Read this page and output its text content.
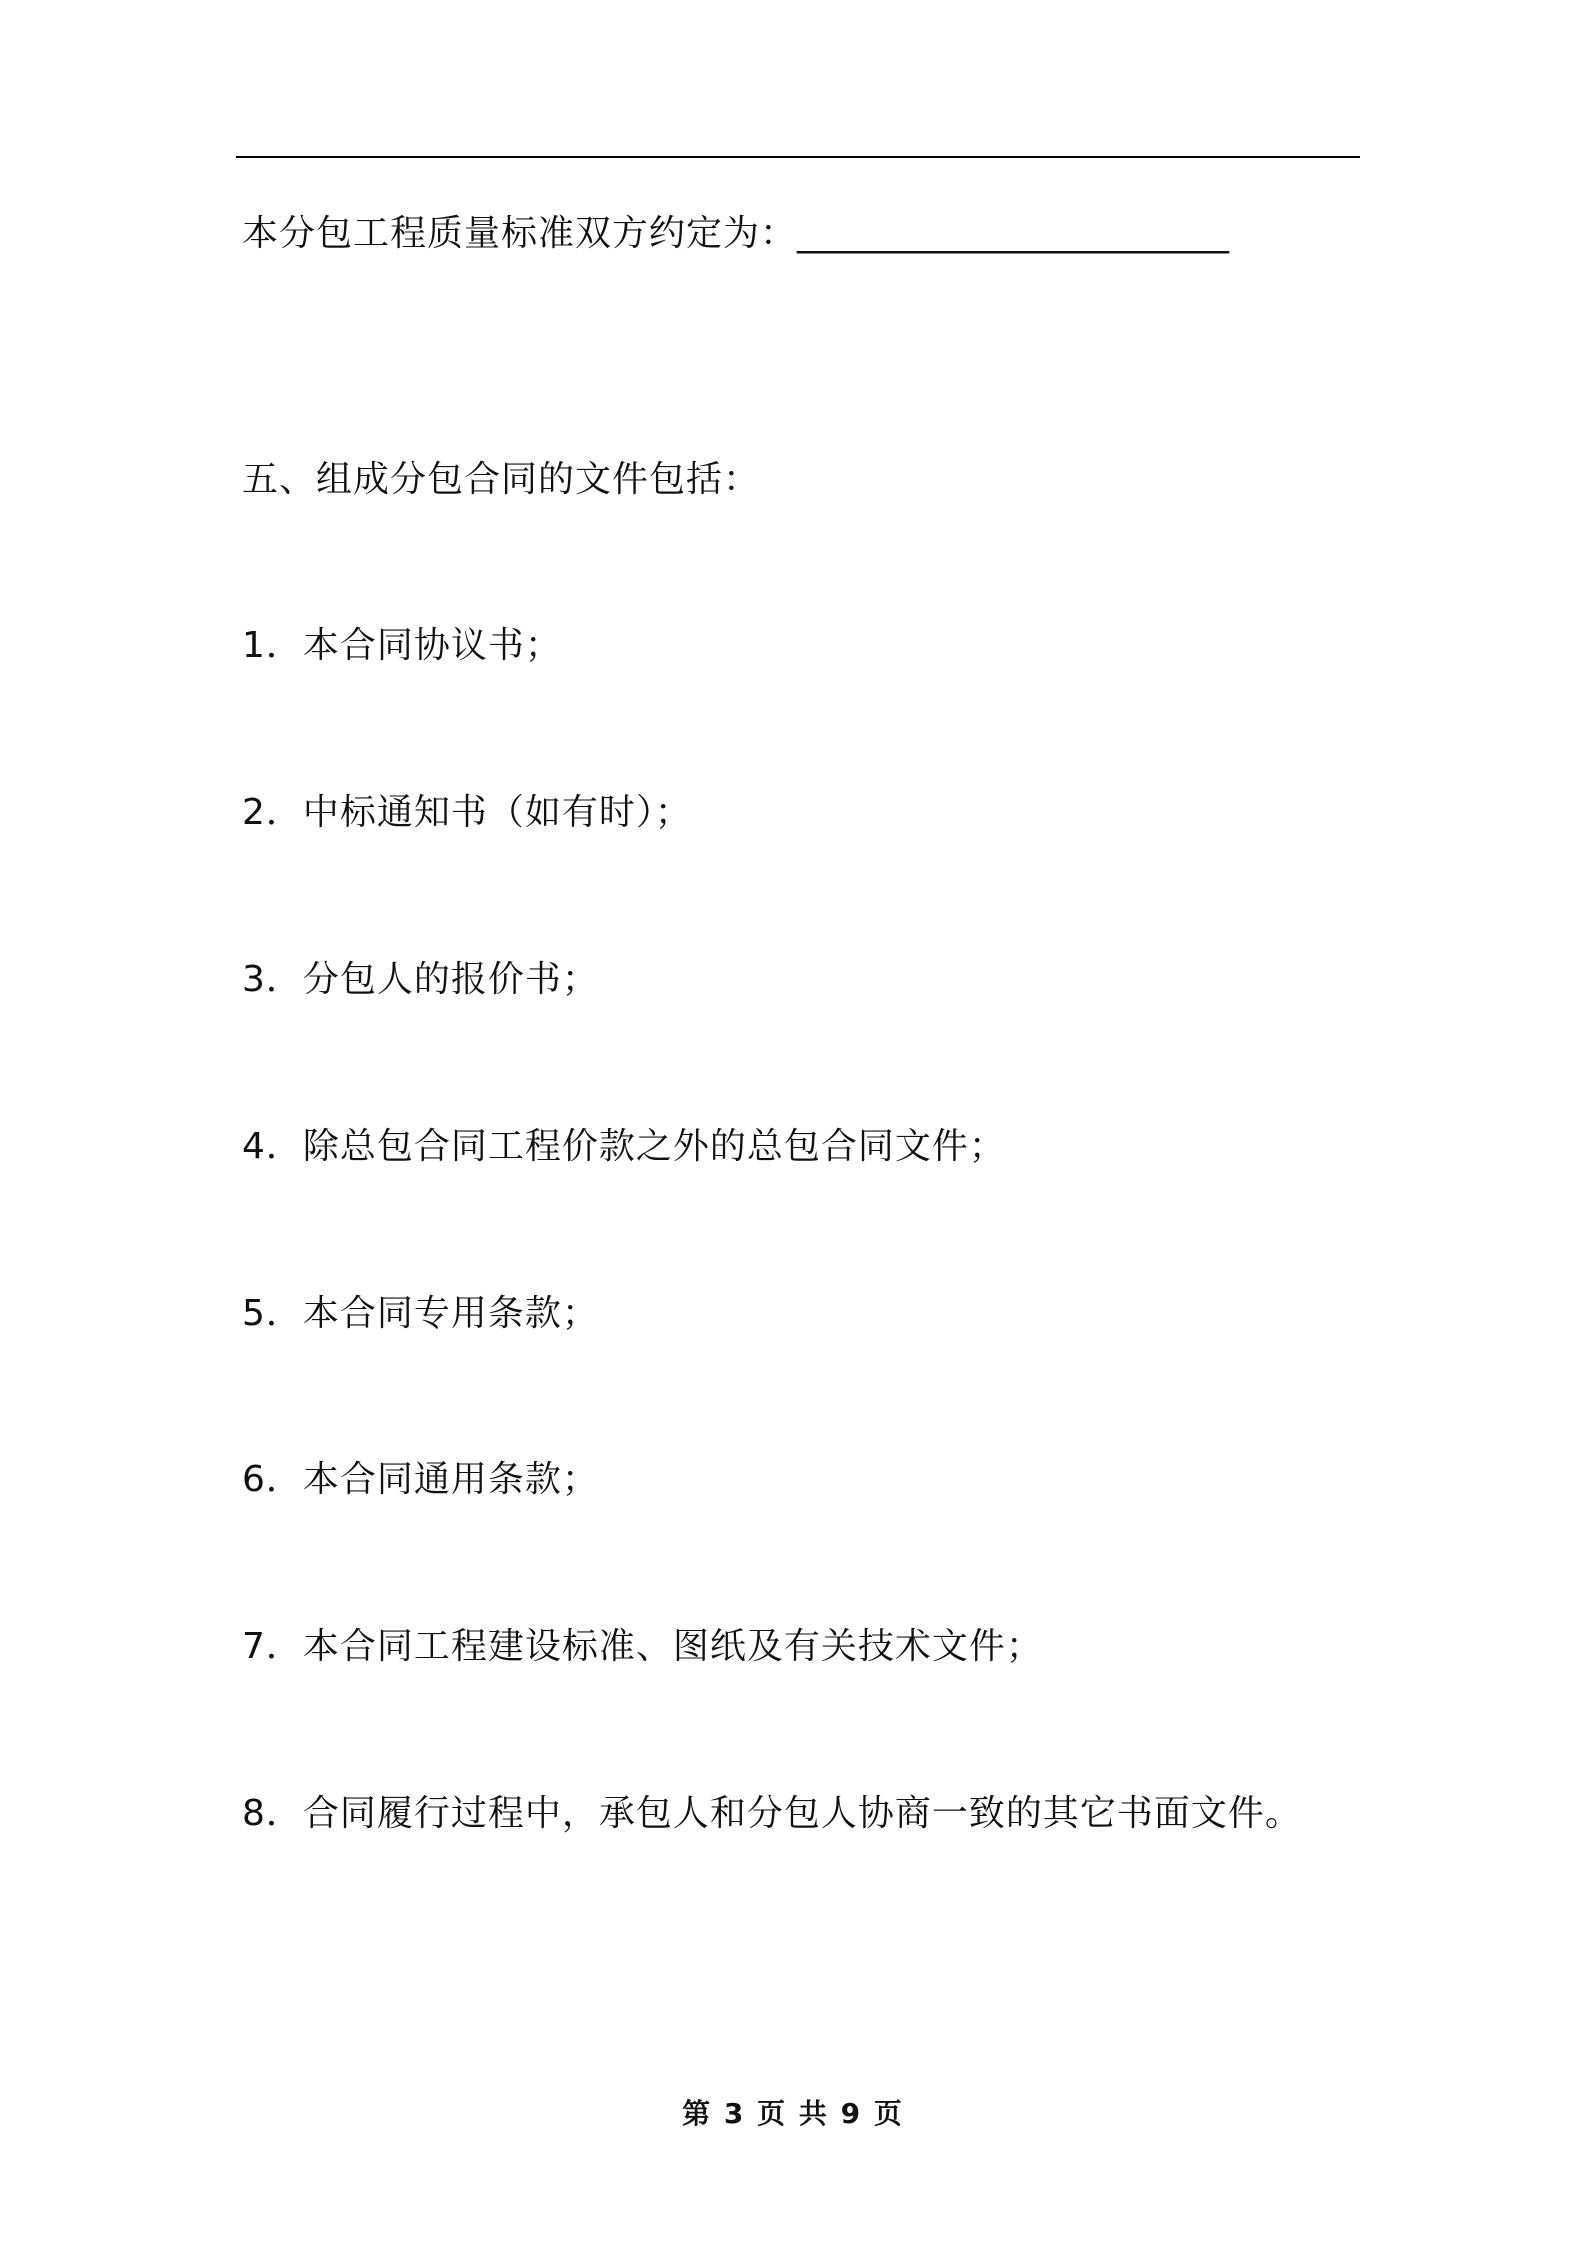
本分包工程质量标准双方约定为：________________________
五、组成分包合同的文件包括：
1．本合同协议书；
2．中标通知书（如有时）；
3．分包人的报价书；
4．除总包合同工程价款之外的总包合同文件；
5．本合同专用条款；
6．本合同通用条款；
7．本合同工程建设标准、图纸及有关技术文件；
8．合同履行过程中，承包人和分包人协商一致的其它书面文件。
第 3 页 共 9 页
